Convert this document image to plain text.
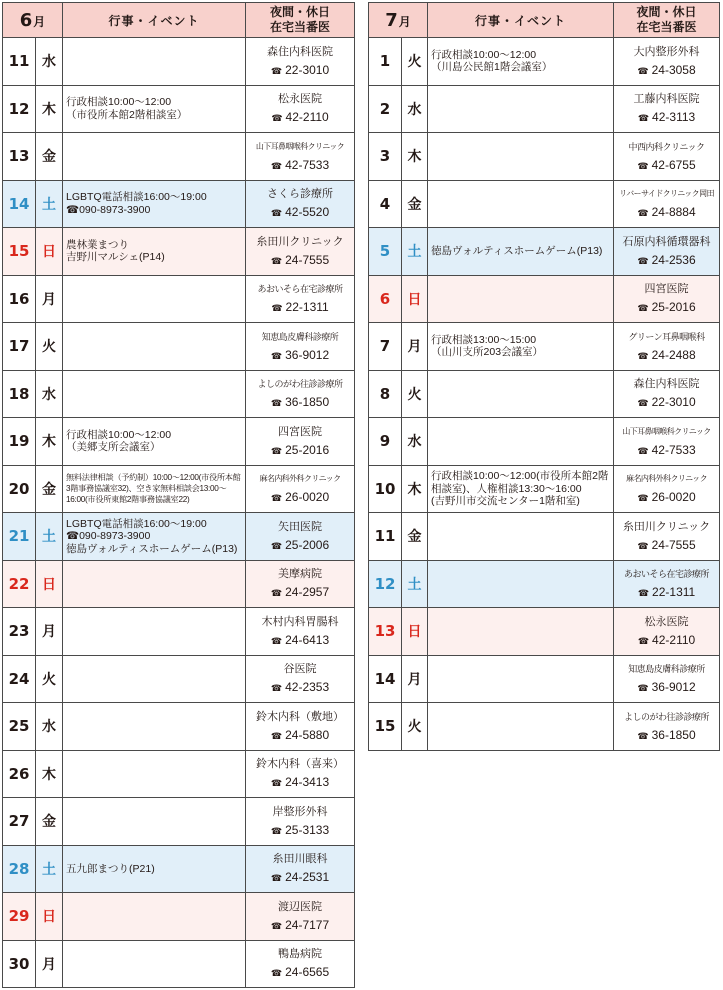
6月		行事・イベント	夜間・休日
在宅当番医
11	水		森住内科医院
☎ 22-3010

12	木	行政相談10:00～12:00
（市役所本館2階相談室）	松永医院
☎ 42-2110

13	金		山下耳鼻咽喉科クリニック
☎ 42-7533

14	土	LGBTQ電話相談16:00～19:00
☎090-8973-3900	さくら診療所
☎ 42-5520

15	日	農林業まつり
吉野川マルシェ(P14)	糸田川クリニック
☎ 24-7555

16	月		あおいそら在宅診療所
☎ 22-1311

17	火		知恵島皮膚科診療所
☎ 36-9012

18	水		よしのがわ往診診療所
☎ 36-1850

19	木	行政相談10:00～12:00
（美郷支所会議室）	四宮医院
☎ 25-2016

20	金	無料法律相談（予約制）10:00～12:00(市役所本館3階事務協議室32)、空き家無料相談会13:00～16:00(市役所東館2階事務協議室22)	麻名内科外科クリニック
☎ 26-0020

21	土	LGBTQ電話相談16:00～19:00
☎090-8973-3900
徳島ヴォルティスホームゲーム(P13)	矢田医院
☎ 25-2006

22	日		美摩病院
☎ 24-2957

23	月		木村内科胃腸科
☎ 24-6413

24	火		谷医院
☎ 42-2353

25	水		鈴木内科（敷地）
☎ 24-5880

26	木		鈴木内科（喜来）
☎ 24-3413

27	金		岸整形外科
☎ 25-3133

28	土	五九郎まつり(P21)	糸田川眼科
☎ 24-2531

29	日		渡辺医院
☎ 24-7177

30	月		鴨島病院
☎ 24-6565
7月		行事・イベント	夜間・休日
在宅当番医
1	火	行政相談10:00～12:00
（川島公民館1階会議室）	大内整形外科
☎ 24-3058

2	水		工藤内科医院
☎ 42-3113

3	木		中西内科クリニック
☎ 42-6755

4	金		リバーサイドクリニック岡田
☎ 24-8884

5	土	徳島ヴォルティスホームゲーム(P13)	石原内科循環器科
☎ 24-2536

6	日		四宮医院
☎ 25-2016

7	月	行政相談13:00～15:00
（山川支所203会議室）	グリーン耳鼻咽喉科
☎ 24-2488

8	火		森住内科医院
☎ 22-3010

9	水		山下耳鼻咽喉科クリニック
☎ 42-7533

10	木	行政相談10:00～12:00(市役所本館2階相談室)、人権相談13:30～16:00
(吉野川市交流センター1階和室)	麻名内科外科クリニック
☎ 26-0020

11	金		糸田川クリニック
☎ 24-7555

12	土		あおいそら在宅診療所
☎ 22-1311

13	日		松永医院
☎ 42-2110

14	月		知恵島皮膚科診療所
☎ 36-9012

15	火		よしのがわ往診診療所
☎ 36-1850
